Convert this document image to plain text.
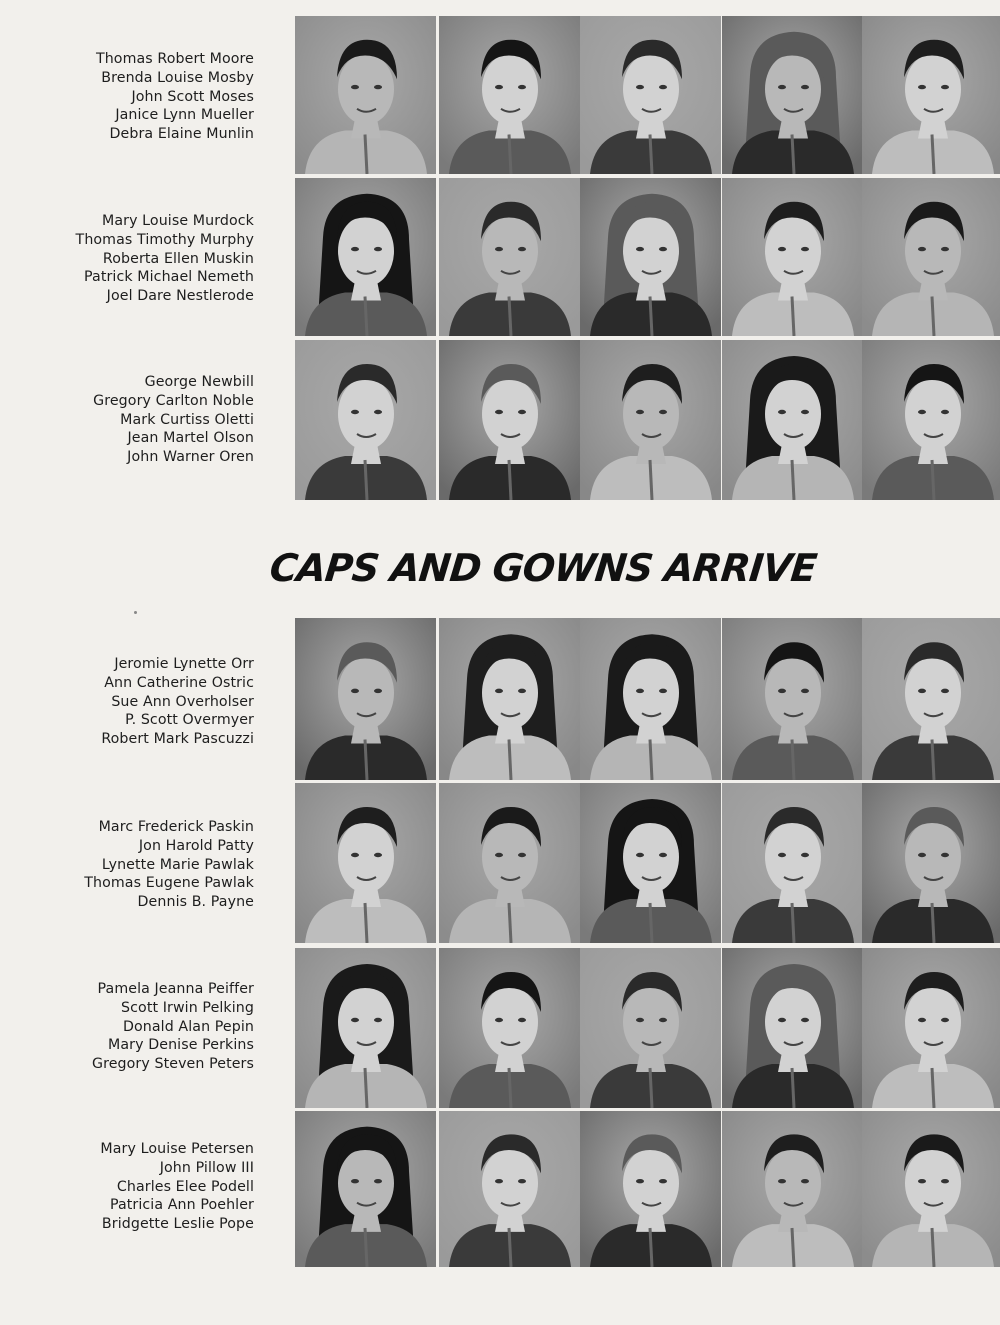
Thomas Robert Moore
Brenda Louise Mosby
John Scott Moses
Janice Lynn Mueller
Debra Elaine Munlin
Mary Louise Murdock
Thomas Timothy Murphy
Roberta Ellen Muskin
Patrick Michael Nemeth
Joel Dare Nestlerode
George Newbill
Gregory Carlton Noble
Mark Curtiss Oletti
Jean Martel Olson
John Warner Oren
CAPS AND GOWNS ARRIVE
Jeromie Lynette Orr
Ann Catherine Ostric
Sue Ann Overholser
P. Scott Overmyer
Robert Mark Pascuzzi
Marc Frederick Paskin
Jon Harold Patty
Lynette Marie Pawlak
Thomas Eugene Pawlak
Dennis B. Payne
Pamela Jeanna Peiffer
Scott Irwin Pelking
Donald Alan Pepin
Mary Denise Perkins
Gregory Steven Peters
Mary Louise Petersen
John Pillow III
Charles Elee Podell
Patricia Ann Poehler
Bridgette Leslie Pope
